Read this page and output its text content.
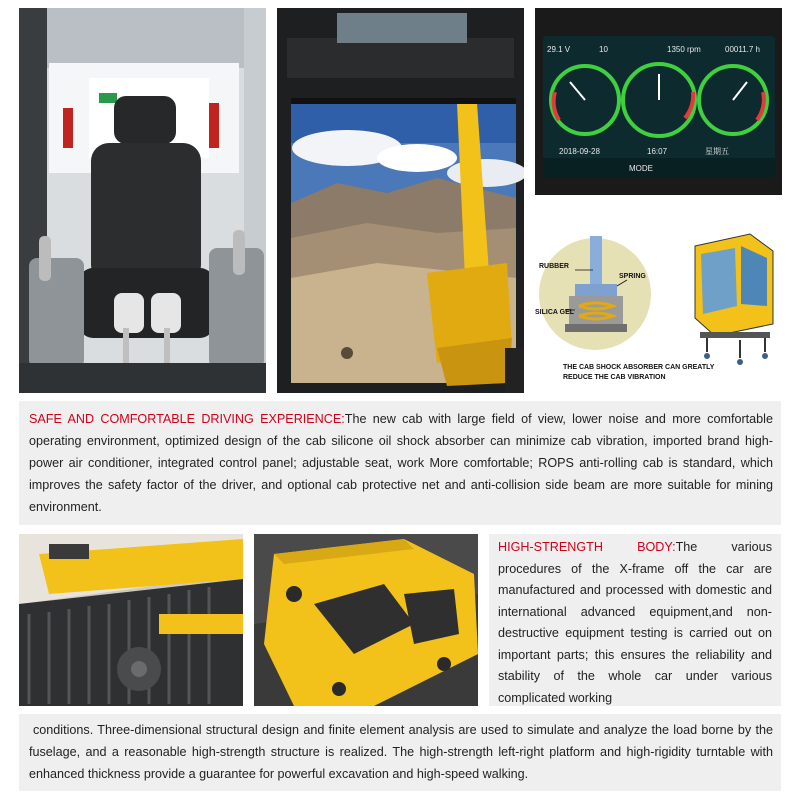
29.1 V	10	1350 rpm	00011.7 h
2018-09-28	16:07	星期五
MODE
RUBBER
SPRING
SILICA GEL
THE CAB SHOCK ABSORBER CAN GREATLY
REDUCE THE CAB VIBRATION
SAFE AND COMFORTABLE DRIVING EXPERIENCE:The new cab with large field of view, lower noise and more comfortable operating environment, optimized design of the cab silicone oil shock absorber can minimize cab vibration, imported brand high-power air conditioner, integrated control panel; adjustable seat, work More comfortable; ROPS anti-rolling cab is standard, which improves the safety factor of the driver, and optional cab protective net and anti-collision side beam are more suitable for mining environment.
HIGH-STRENGTH BODY:The various procedures of the X-frame off the car are manufactured and processed with domestic and international advanced equipment,and non-destructive equipment testing is carried out on important parts; this ensures the reliability and stability of the whole car under various complicated working
conditions. Three-dimensional structural design and finite element analysis are used to simulate and analyze the load borne by the fuselage, and a reasonable high-strength structure is realized. The high-strength left-right platform and high-rigidity turntable with enhanced thickness provide a guarantee for powerful excavation and high-speed walking.
